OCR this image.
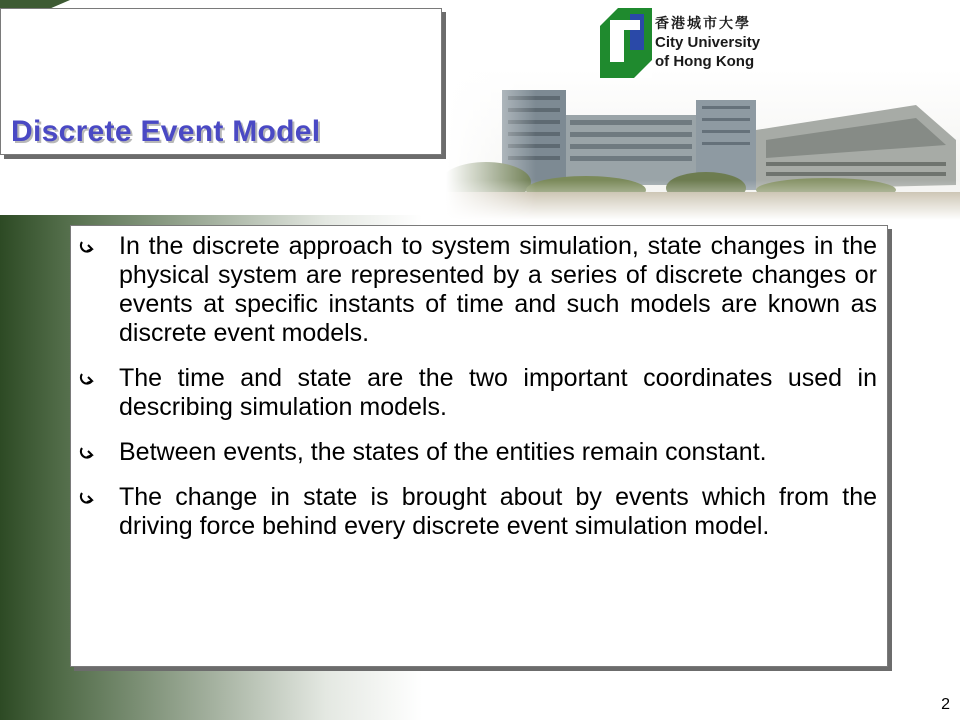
香港城市大學
City University
of Hong Kong
Discrete Event Model
In the discrete approach to system simulation, state changes in the physical system are represented by a series of discrete changes or events at specific instants of time and such models are known as discrete event models.
The time and state are the two important coordinates used in describing simulation models.
Between events, the states of the entities remain constant.
The change in state is brought about by events which from the driving force behind every discrete event simulation model.
2
